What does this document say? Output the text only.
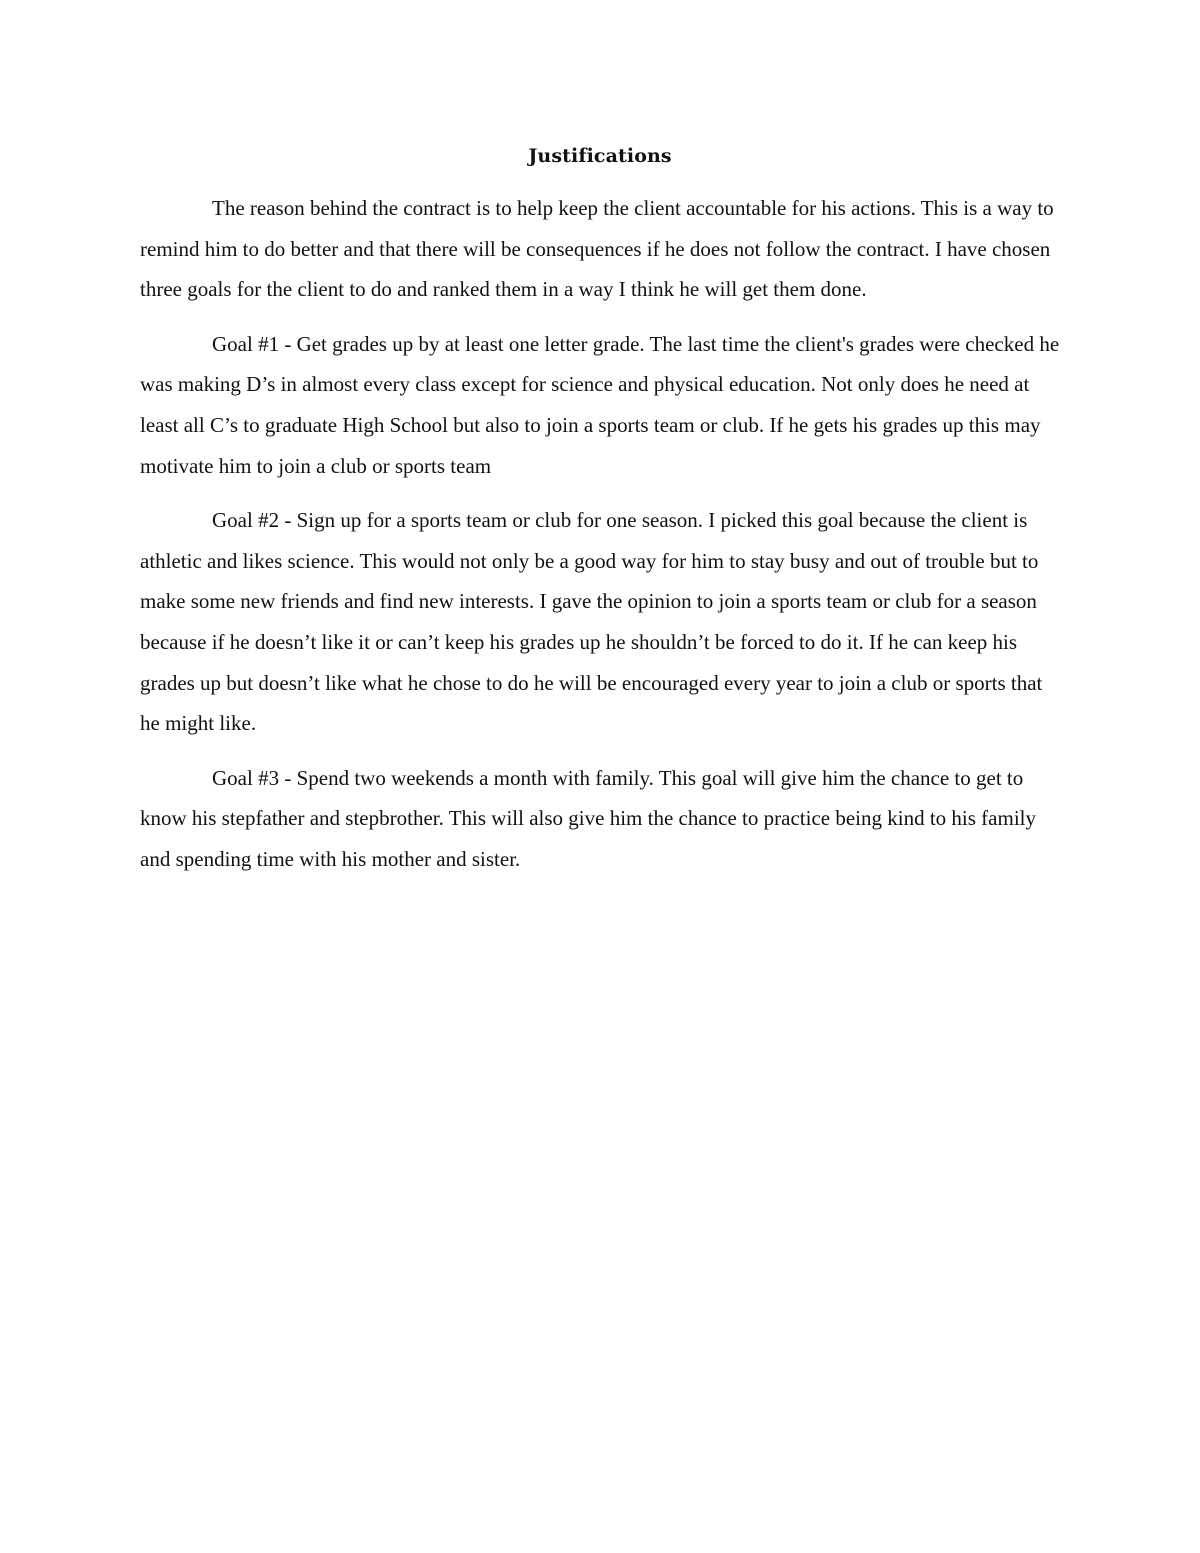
Justifications

The reason behind the contract is to help keep the client accountable for his actions. This is a way to remind him to do better and that there will be consequences if he does not follow the contract. I have chosen three goals for the client to do and ranked them in a way I think he will get them done.

Goal #1 - Get grades up by at least one letter grade. The last time the client's grades were checked he was making D’s in almost every class except for science and physical education. Not only does he need at least all C’s to graduate High School but also to join a sports team or club. If he gets his grades up this may motivate him to join a club or sports team

Goal #2 - Sign up for a sports team or club for one season. I picked this goal because the client is athletic and likes science. This would not only be a good way for him to stay busy and out of trouble but to make some new friends and find new interests. I gave the opinion to join a sports team or club for a season because if he doesn’t like it or can’t keep his grades up he shouldn’t be forced to do it. If he can keep his grades up but doesn’t like what he chose to do he will be encouraged every year to join a club or sports that he might like.

Goal #3 - Spend two weekends a month with family. This goal will give him the chance to get to know his stepfather and stepbrother. This will also give him the chance to practice being kind to his family and spending time with his mother and sister.
